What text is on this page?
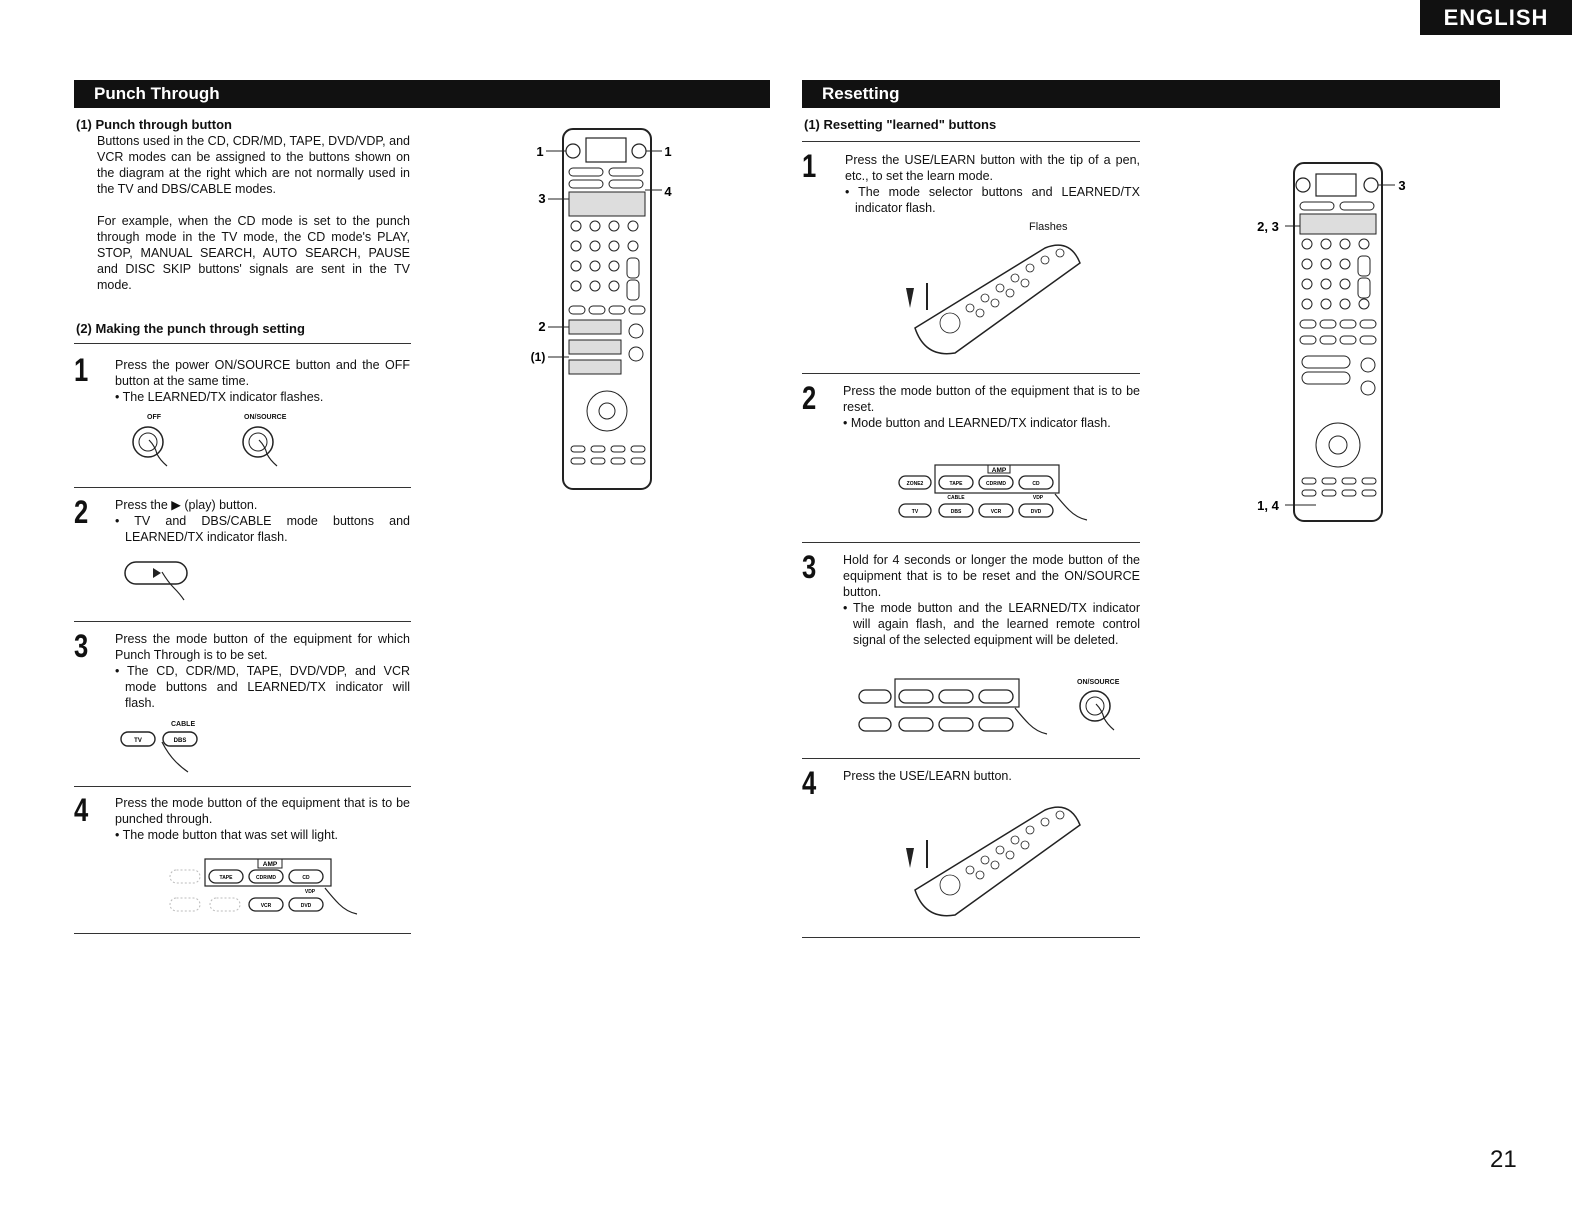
ENGLISH
Punch Through
(1) Punch through button
Buttons used in the CD, CDR/MD, TAPE, DVD/VDP, and VCR modes can be assigned to the buttons shown on the diagram at the right which are not normally used in the TV and DBS/CABLE modes.
For example, when the CD mode is set to the punch through mode in the TV mode, the CD mode's PLAY, STOP, MANUAL SEARCH, AUTO SEARCH, PAUSE and DISC SKIP buttons' signals are sent in the TV mode.
(2) Making the punch through setting
1 Press the power ON/SOURCE button and the OFF button at the same time.

• The LEARNED/TX indicator flashes.

OFF	ON/SOURCE
2 Press the ▶ (play) button.

• TV and DBS/CABLE mode buttons and LEARNED/TX indicator flash.

3 Press the mode button of the equipment for which Punch Through is to be set.

• The CD, CDR/MD, TAPE, DVD/VDP, and VCR mode buttons and LEARNED/TX indicator will flash.

CABLE
TV	DBS
4 Press the mode button of the equipment that is to be punched through.

• The mode button that was set will light.

AMP
TAPE	CDR/MD	CD
VDP
VCR	DVD
1	1
3	4
2
(1)
Resetting
(1) Resetting "learned" buttons
1 Press the USE/LEARN button with the tip of a pen, etc., to set the learn mode.

• The mode selector buttons and LEARNED/TX indicator flash.

Flashes
2 Press the mode button of the equipment that is to be reset.

• Mode button and LEARNED/TX indicator flash.

AMP
ZONE2	TAPE	CDR/MD	CD
CABLE	VDP
TV	DBS	VCR	DVD
3 Hold for 4 seconds or longer the mode button of the equipment that is to be reset and the ON/SOURCE button.

• The mode button and the LEARNED/TX indicator will again flash, and the learned remote control signal of the selected equipment will be deleted.

ON/SOURCE
4 Press the USE/LEARN button.

3
2, 3
1, 4
21
